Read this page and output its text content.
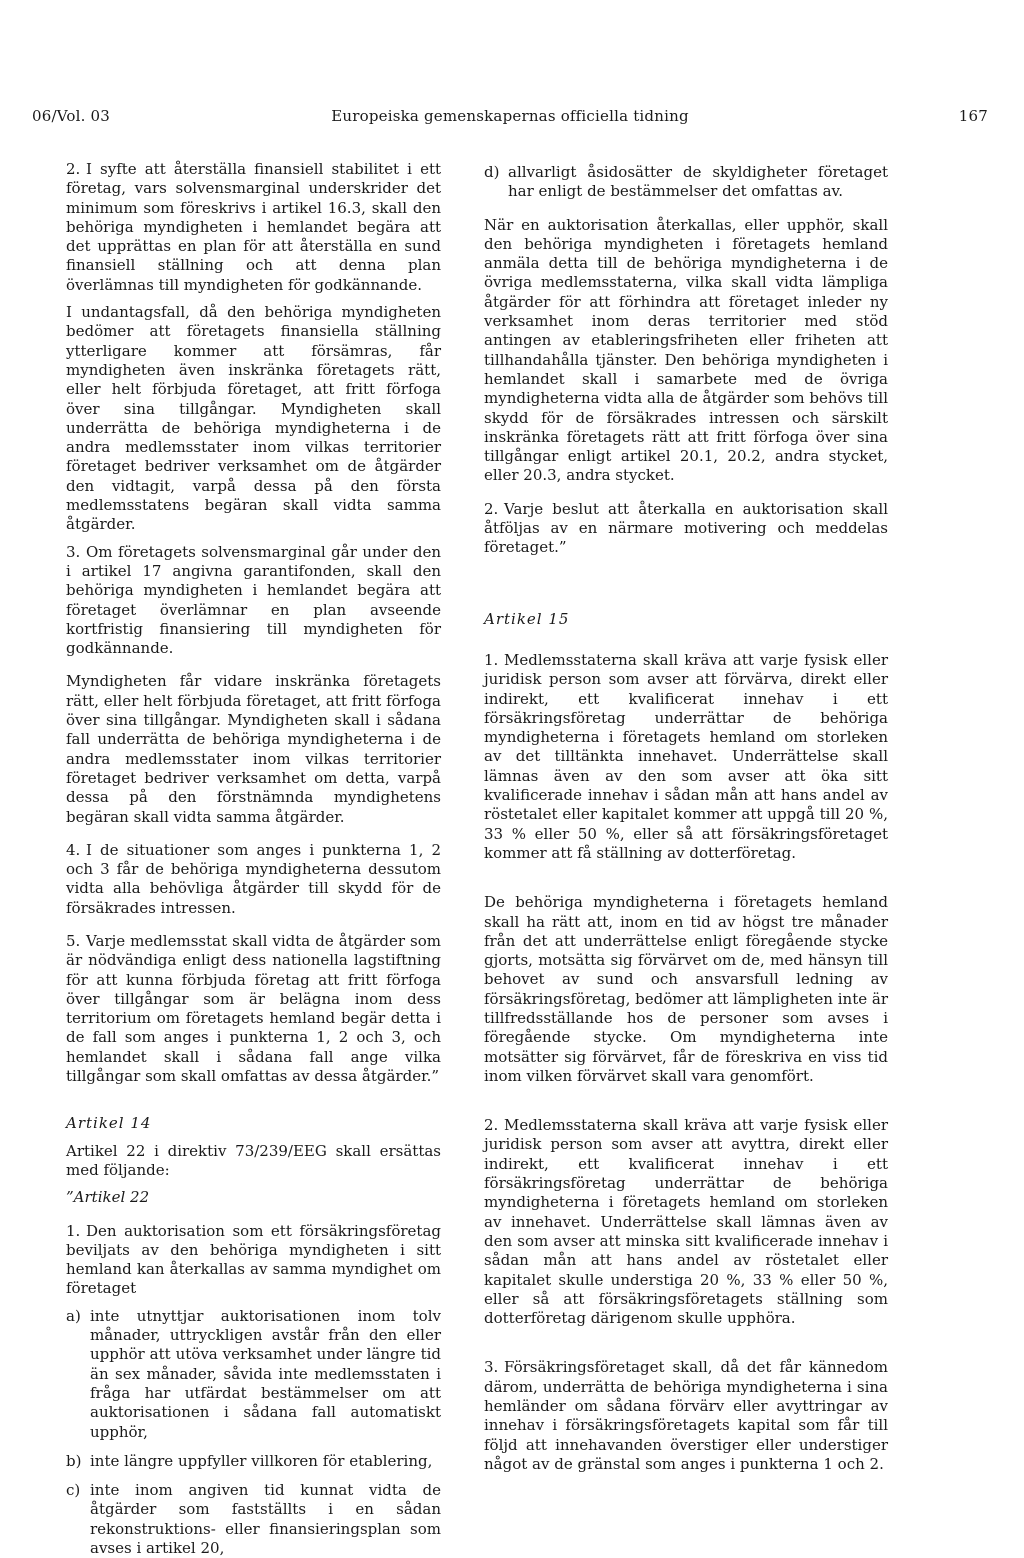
06/Vol. 03	Europeiska gemenskapernas officiella tidning	167

2. I syfte att återställa finansiell stabilitet i ett företag, vars solvensmarginal underskrider det minimum som föreskrivs i artikel 16.3, skall den behöriga myndigheten i hemlandet begära att det upprättas en plan för att återställa en sund finansiell ställning och att denna plan överlämnas till myndigheten för godkännande.

I undantagsfall, då den behöriga myndigheten bedömer att företagets finansiella ställning ytterligare kommer att försämras, får myndigheten även inskränka företagets rätt, eller helt förbjuda företaget, att fritt förfoga över sina tillgångar. Myndigheten skall underrätta de behöriga myndigheterna i de andra medlemsstater inom vilkas territorier företaget bedriver verksamhet om de åtgärder den vidtagit, varpå dessa på den första medlemsstatens begäran skall vidta samma åtgärder.

3. Om företagets solvensmarginal går under den i artikel 17 angivna garantifonden, skall den behöriga myndigheten i hemlandet begära att företaget överlämnar en plan avseende kortfristig finansiering till myndigheten för godkännande.

Myndigheten får vidare inskränka företagets rätt, eller helt förbjuda företaget, att fritt förfoga över sina tillgångar. Myndigheten skall i sådana fall underrätta de behöriga myndigheterna i de andra medlemsstater inom vilkas territorier företaget bedriver verksamhet om detta, varpå dessa på den förstnämnda myndighetens begäran skall vidta samma åtgärder.

4. I de situationer som anges i punkterna 1, 2 och 3 får de behöriga myndigheterna dessutom vidta alla behövliga åtgärder till skydd för de försäkrades intressen.

5. Varje medlemsstat skall vidta de åtgärder som är nödvändiga enligt dess nationella lagstiftning för att kunna förbjuda företag att fritt förfoga över tillgångar som är belägna inom dess territorium om företagets hemland begär detta i de fall som anges i punkterna 1, 2 och 3, och hemlandet skall i sådana fall ange vilka tillgångar som skall omfattas av dessa åtgärder.”

Artikel 14

Artikel 22 i direktiv 73/239/EEG skall ersättas med följande:

”Artikel 22

1. Den auktorisation som ett försäkringsföretag beviljats av den behöriga myndigheten i sitt hemland kan återkallas av samma myndighet om företaget

a) inte utnyttjar auktorisationen inom tolv månader, uttryckligen avstår från den eller upphör att utöva verksamhet under längre tid än sex månader, såvida inte medlemsstaten i fråga har utfärdat bestämmelser om att auktorisationen i sådana fall automatiskt upphör,
b) inte längre uppfyller villkoren för etablering,
c) inte inom angiven tid kunnat vidta de åtgärder som fastställts i en sådan rekonstruktions- eller finansieringsplan som avses i artikel 20,
d) allvarligt åsidosätter de skyldigheter företaget har enligt de bestämmelser det omfattas av.

När en auktorisation återkallas, eller upphör, skall den behöriga myndigheten i företagets hemland anmäla detta till de behöriga myndigheterna i de övriga medlemsstaterna, vilka skall vidta lämpliga åtgärder för att förhindra att företaget inleder ny verksamhet inom deras territorier med stöd antingen av etableringsfriheten eller friheten att tillhandahålla tjänster. Den behöriga myndigheten i hemlandet skall i samarbete med de övriga myndigheterna vidta alla de åtgärder som behövs till skydd för de försäkrades intressen och särskilt inskränka företagets rätt att fritt förfoga över sina tillgångar enligt artikel 20.1, 20.2, andra stycket, eller 20.3, andra stycket.

2. Varje beslut att återkalla en auktorisation skall åtföljas av en närmare motivering och meddelas företaget.”

Artikel 15

1. Medlemsstaterna skall kräva att varje fysisk eller juridisk person som avser att förvärva, direkt eller indirekt, ett kvalificerat innehav i ett försäkringsföretag underrättar de behöriga myndigheterna i företagets hemland om storleken av det tilltänkta innehavet. Underrättelse skall lämnas även av den som avser att öka sitt kvalificerade innehav i sådan mån att hans andel av röstetalet eller kapitalet kommer att uppgå till 20 %, 33 % eller 50 %, eller så att försäkringsföretaget kommer att få ställning av dotterföretag.

De behöriga myndigheterna i företagets hemland skall ha rätt att, inom en tid av högst tre månader från det att underrättelse enligt föregående stycke gjorts, motsätta sig förvärvet om de, med hänsyn till behovet av sund och ansvarsfull ledning av försäkringsföretag, bedömer att lämpligheten inte är tillfredsställande hos de personer som avses i föregående stycke. Om myndigheterna inte motsätter sig förvärvet, får de föreskriva en viss tid inom vilken förvärvet skall vara genomfört.

2. Medlemsstaterna skall kräva att varje fysisk eller juridisk person som avser att avyttra, direkt eller indirekt, ett kvalificerat innehav i ett försäkringsföretag underrättar de behöriga myndigheterna i företagets hemland om storleken av innehavet. Underrättelse skall lämnas även av den som avser att minska sitt kvalificerade innehav i sådan mån att hans andel av röstetalet eller kapitalet skulle understiga 20 %, 33 % eller 50 %, eller så att försäkringsföretagets ställning som dotterföretag därigenom skulle upphöra.

3. Försäkringsföretaget skall, då det får kännedom därom, underrätta de behöriga myndigheterna i sina hemländer om sådana förvärv eller avyttringar av innehav i försäkringsföretagets kapital som får till följd att innehavanden överstiger eller understiger något av de gränstal som anges i punkterna 1 och 2.
